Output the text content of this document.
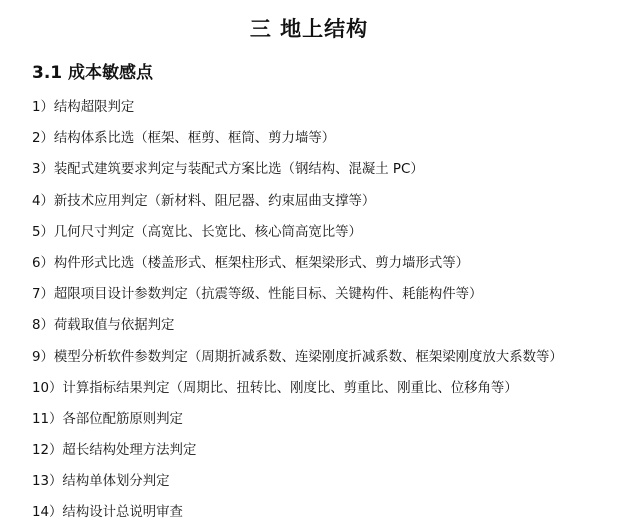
三 地上结构
3.1 成本敏感点
1）结构超限判定
2）结构体系比选（框架、框剪、框筒、剪力墙等）
3）装配式建筑要求判定与装配式方案比选（钢结构、混凝土 PC）
4）新技术应用判定（新材料、阻尼器、约束屈曲支撑等）
5）几何尺寸判定（高宽比、长宽比、核心筒高宽比等）
6）构件形式比选（楼盖形式、框架柱形式、框架梁形式、剪力墙形式等）
7）超限项目设计参数判定（抗震等级、性能目标、关键构件、耗能构件等）
8）荷载取值与依据判定
9）模型分析软件参数判定（周期折减系数、连梁刚度折减系数、框架梁刚度放大系数等）
10）计算指标结果判定（周期比、扭转比、刚度比、剪重比、刚重比、位移角等）
11）各部位配筋原则判定
12）超长结构处理方法判定
13）结构单体划分判定
14）结构设计总说明审查
